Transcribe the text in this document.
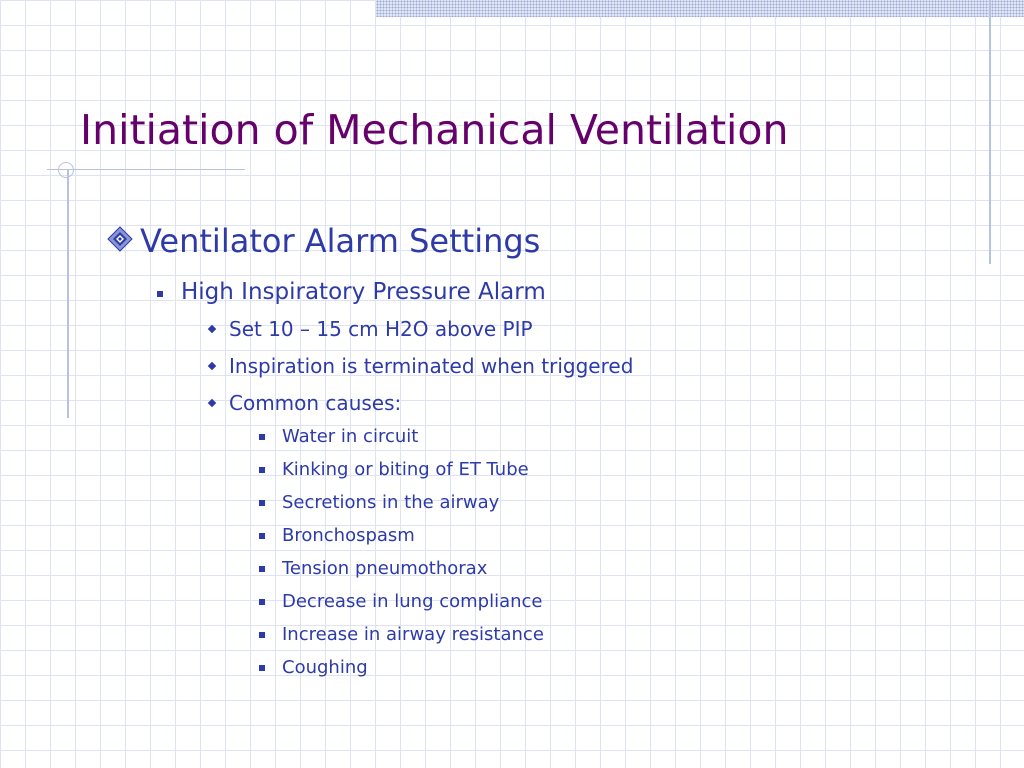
Initiation of Mechanical Ventilation
Ventilator Alarm Settings
High Inspiratory Pressure Alarm
Set 10 – 15 cm H2O above PIP
Inspiration is terminated when triggered
Common causes:
Water in circuit
Kinking or biting of ET Tube
Secretions in the airway
Bronchospasm
Tension pneumothorax
Decrease in lung compliance
Increase in airway resistance
Coughing
